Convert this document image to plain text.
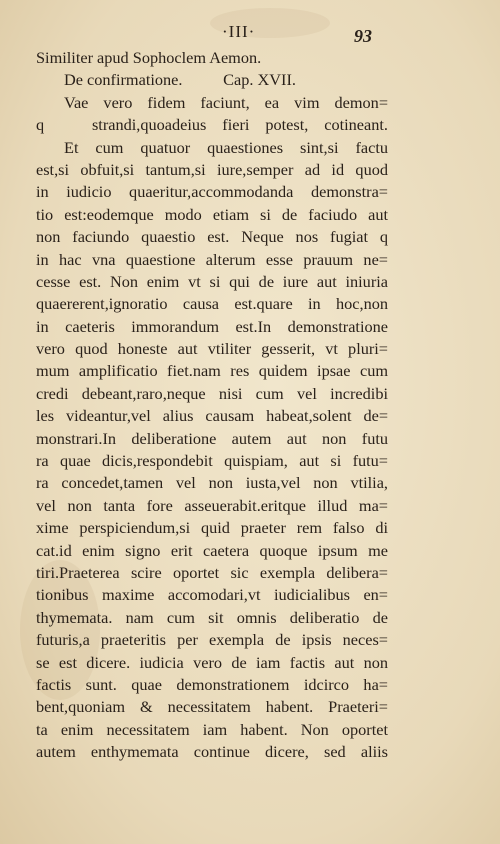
·III·	93
Similiter apud Sophoclem Aemon.
De confirmatione.          Cap. XVII.
Vae vero fidem faciunt, ea vim demon=
q   strandi,quoadeius fieri potest, cotineant.
Et cum quatuor quaestiones sint,si factu
est,si obfuit,si tantum,si iure,semper ad id quod
in iudicio quaeritur,accommodanda demonstra=
tio est:eodemque modo etiam si de faciudo aut
non faciundo quaestio est. Neque nos fugiat q
in hac vna quaestione alterum esse prauum ne=
cesse est. Non enim vt si qui de iure aut iniuria
quaererent,ignoratio causa est.quare in hoc,non
in caeteris immorandum est.In demonstratione
vero quod honeste aut vtiliter gesserit, vt pluri=
mum amplificatio fiet.nam res quidem ipsae cum
credi debeant,raro,neque nisi cum vel incredibi
les videantur,vel alius causam habeat,solent de=
monstrari.In deliberatione autem aut non futu
ra quae dicis,respondebit quispiam, aut si futu=
ra concedet,tamen vel non iusta,vel non vtilia,
vel non tanta fore asseuerabit.eritque illud ma=
xime perspiciendum,si quid praeter rem falso di
cat.id enim signo erit caetera quoque ipsum me
tiri.Praeterea scire oportet sic exempla delibera=
tionibus maxime accomodari,vt iudicialibus en=
thymemata. nam cum sit omnis deliberatio de
futuris,a praeteritis per exempla de ipsis neces=
se est dicere. iudicia vero de iam factis aut non
factis sunt. quae demonstrationem idcirco ha=
bent,quoniam & necessitatem habent. Praeteri=
ta enim necessitatem iam habent. Non oportet
autem enthymemata continue dicere, sed aliis
